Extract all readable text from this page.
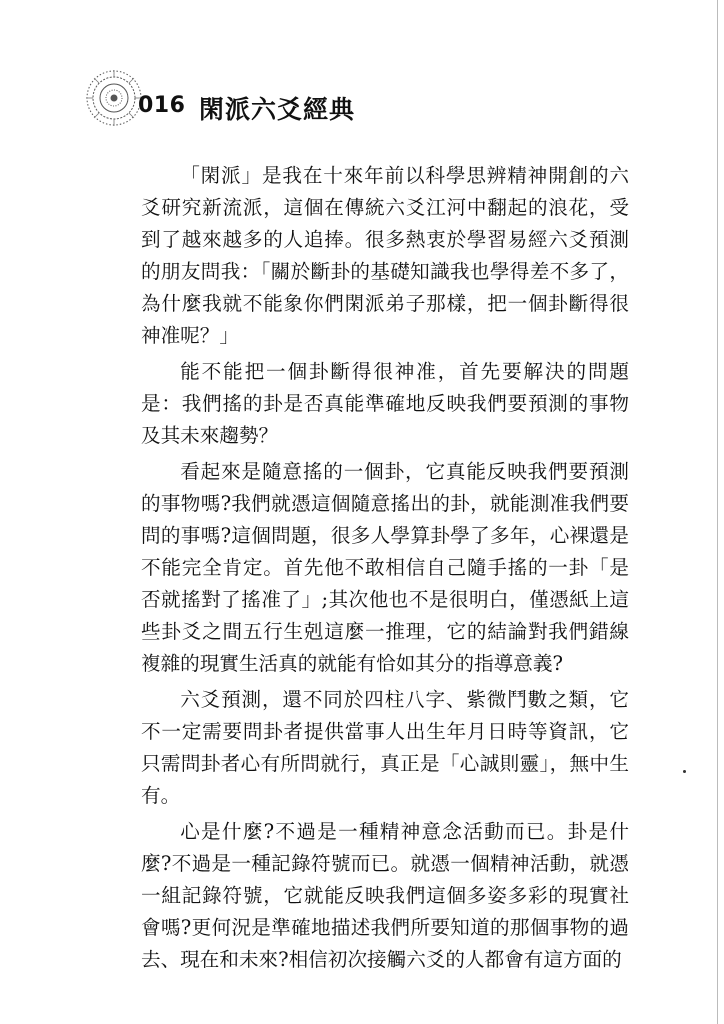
016 閑派六爻經典

「閑派」是我在十來年前以科學思辨精神開創的六爻研究新流派，這個在傳統六爻江河中翻起的浪花，受到了越來越多的人追捧。很多熱衷於學習易經六爻預測的朋友問我：「關於斷卦的基礎知識我也學得差不多了，為什麼我就不能象你們閑派弟子那樣，把一個卦斷得很神准呢？」

能不能把一個卦斷得很神准，首先要解決的問題是：我們搖的卦是否真能準確地反映我們要預測的事物及其未來趨勢？

看起來是隨意搖的一個卦，它真能反映我們要預測的事物嗎?我們就憑這個隨意搖出的卦，就能測准我們要問的事嗎?這個問題，很多人學算卦學了多年，心裸還是不能完全肯定。首先他不敢相信自己隨手搖的一卦「是否就搖對了搖准了」;其次他也不是很明白，僅憑紙上這些卦爻之間五行生剋這麼一推理，它的結論對我們錯線複雜的現實生活真的就能有恰如其分的指導意義?

六爻預測，還不同於四柱八字、紫微鬥數之類，它不一定需要問卦者提供當事人出生年月日時等資訊，它只需問卦者心有所問就行，真正是「心誠則靈」，無中生有。

心是什麼?不過是一種精神意念活動而已。卦是什麼?不過是一種記錄符號而已。就憑一個精神活動，就憑一組記錄符號，它就能反映我們這個多姿多彩的現實社會嗎?更何況是準確地描述我們所要知道的那個事物的過去、現在和未來?相信初次接觸六爻的人都會有這方面的
